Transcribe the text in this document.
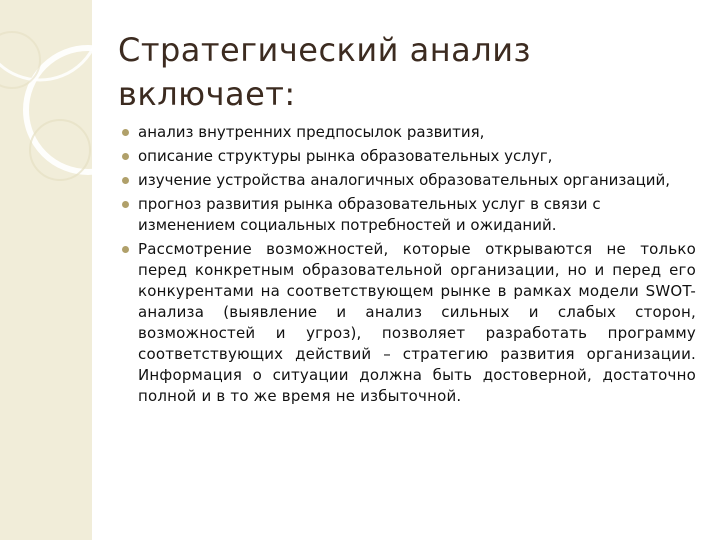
Стратегический анализ включает:
анализ внутренних предпосылок развития,
описание структуры рынка образовательных услуг,
изучение устройства аналогичных образовательных организаций,
прогноз развития рынка образовательных услуг в связи с изменением социальных потребностей и ожиданий.
Рассмотрение возможностей, которые открываются не только перед конкретным образовательной организации, но и перед его конкурентами на соответствующем рынке в рамках модели SWOT-анализа (выявление и анализ сильных и слабых сторон, возможностей и угроз), позволяет разработать программу соответствующих действий – стратегию развития организации. Информация о ситуации должна быть достоверной, достаточно полной и в то же время не избыточной.
